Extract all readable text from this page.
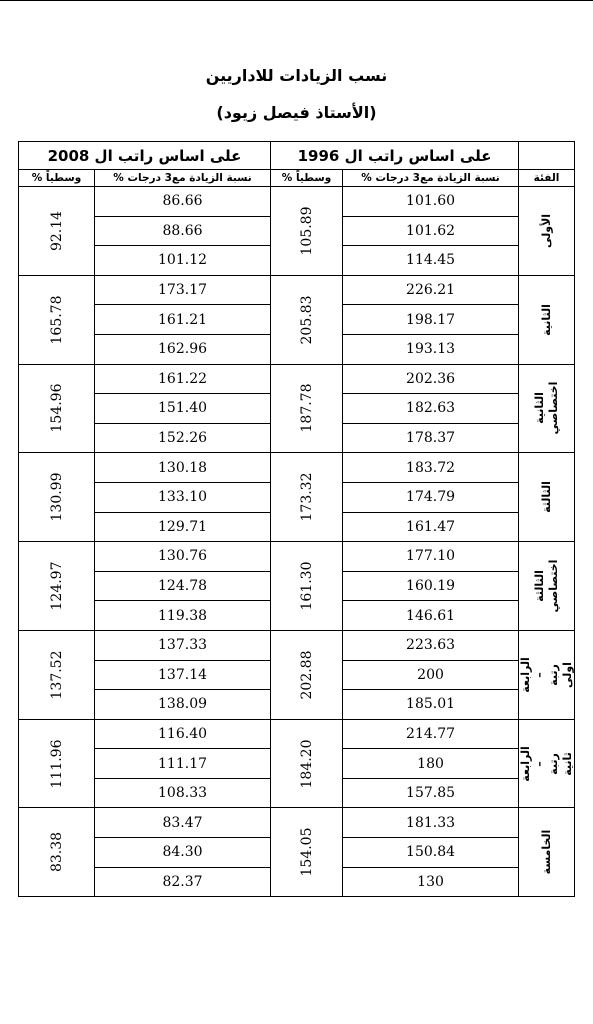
نسب الزيادات للاداريين
(الأستاذ فيصل زيود)
	على اساس راتب ال 1996		على اساس راتب ال 2008	
الفئة	نسبة الزيادة مع3 درجات %	وسطياً %	نسبة الزيادة مع3 درجات %	وسطياً %

الأولى	101.60	105.89	86.66	92.14

	101.62		88.66	
	114.45		101.12	

الثانية	226.21	205.83	173.17	165.78

	198.17		161.21	
	193.13		162.96	

الثانية
اختصاصي	202.36	187.78	161.22	154.96

	182.63		151.40	
	178.37		152.26	

الثالثة	183.72	173.32	130.18	130.99

	174.79		133.10	
	161.47		129.71	

الثالثة
اختصاصي	177.10	161.30	130.76	124.97

	160.19		124.78	
	146.61		119.38	

الرابعة –
رتبة اولى	223.63	202.88	137.33	137.52

	200		137.14	
	185.01		138.09	

الرابعة –
رتبة ثانية	214.77	184.20	116.40	111.96

	180		111.17	
	157.85		108.33	

الخامسة	181.33	154.05	83.47	83.38

	150.84		84.30	
	130		82.37	
